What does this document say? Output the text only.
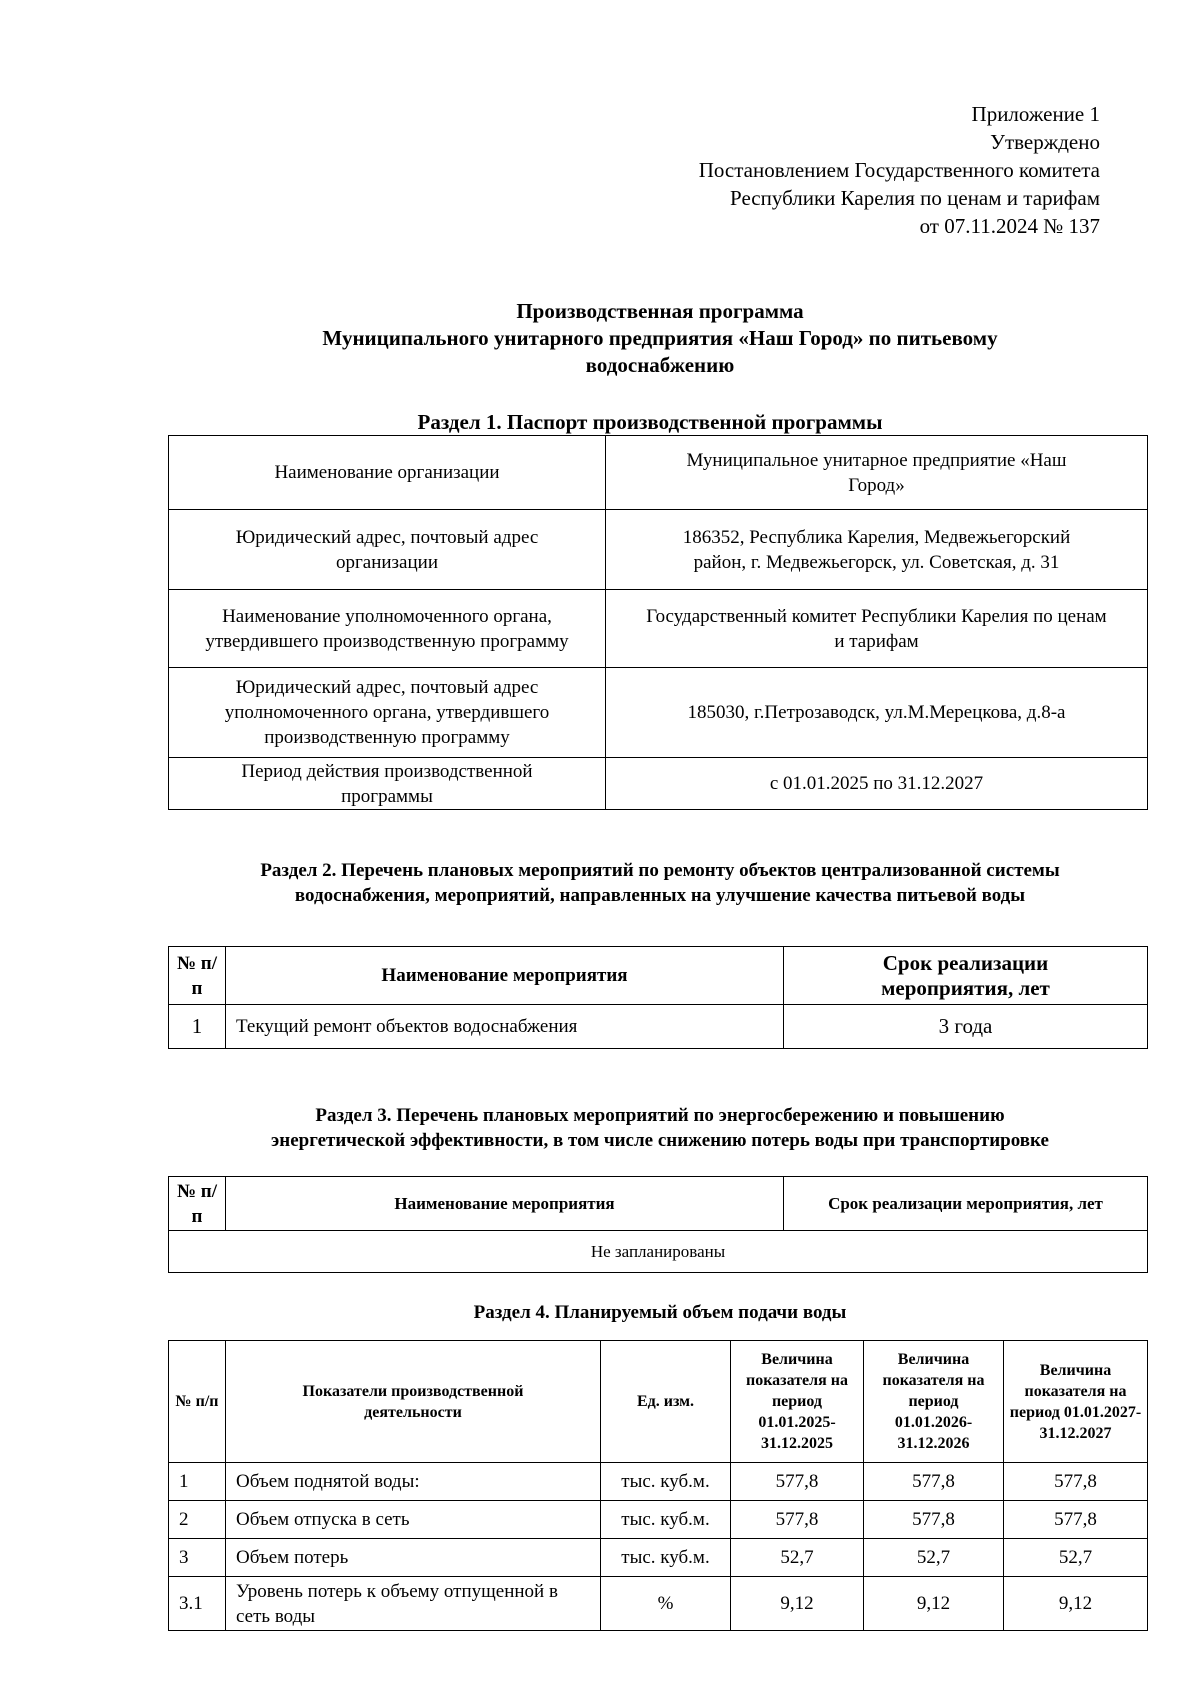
Приложение 1
Утверждено
Постановлением Государственного комитета
Республики Карелия по ценам и тарифам
от 07.11.2024 № 137
Производственная программа
Муниципального унитарного предприятия «Наш Город» по питьевому
водоснабжению
Раздел 1. Паспорт производственной программы
Наименование организации	Муниципальное унитарное предприятие «Наш Город»
Юридический адрес, почтовый адрес организации	186352, Республика Карелия, Медвежьегорский район, г. Медвежьегорск, ул. Советская, д. 31
Наименование уполномоченного органа, утвердившего производственную программу	Государственный комитет Республики Карелия по ценам и тарифам
Юридический адрес, почтовый адрес уполномоченного органа, утвердившего производственную программу	185030, г.Петрозаводск, ул.М.Мерецкова, д.8-а
Период действия производственной программы	с 01.01.2025 по 31.12.2027
Раздел 2. Перечень плановых мероприятий по ремонту объектов централизованной системы
водоснабжения, мероприятий, направленных на улучшение качества питьевой воды
№ п/п	Наименование мероприятия	Срок реализации мероприятия, лет
1	Текущий ремонт объектов водоснабжения	3 года
Раздел 3. Перечень плановых мероприятий по энергосбережению и повышению
энергетической эффективности, в том числе снижению потерь воды при транспортировке
№ п/п	Наименование мероприятия	Срок реализации мероприятия, лет
Не запланированы
Раздел 4. Планируемый объем подачи воды
№ п/п	Показатели производственной деятельности	Ед. изм.	Величина показателя на период 01.01.2025-31.12.2025	Величина показателя на период 01.01.2026-31.12.2026	Величина показателя на период 01.01.2027-31.12.2027
1	Объем поднятой воды:	тыс. куб.м.	577,8	577,8	577,8
2	Объем отпуска в сеть	тыс. куб.м.	577,8	577,8	577,8
3	Объем потерь	тыс. куб.м.	52,7	52,7	52,7
3.1	Уровень потерь к объему отпущенной в сеть воды	%	9,12	9,12	9,12
